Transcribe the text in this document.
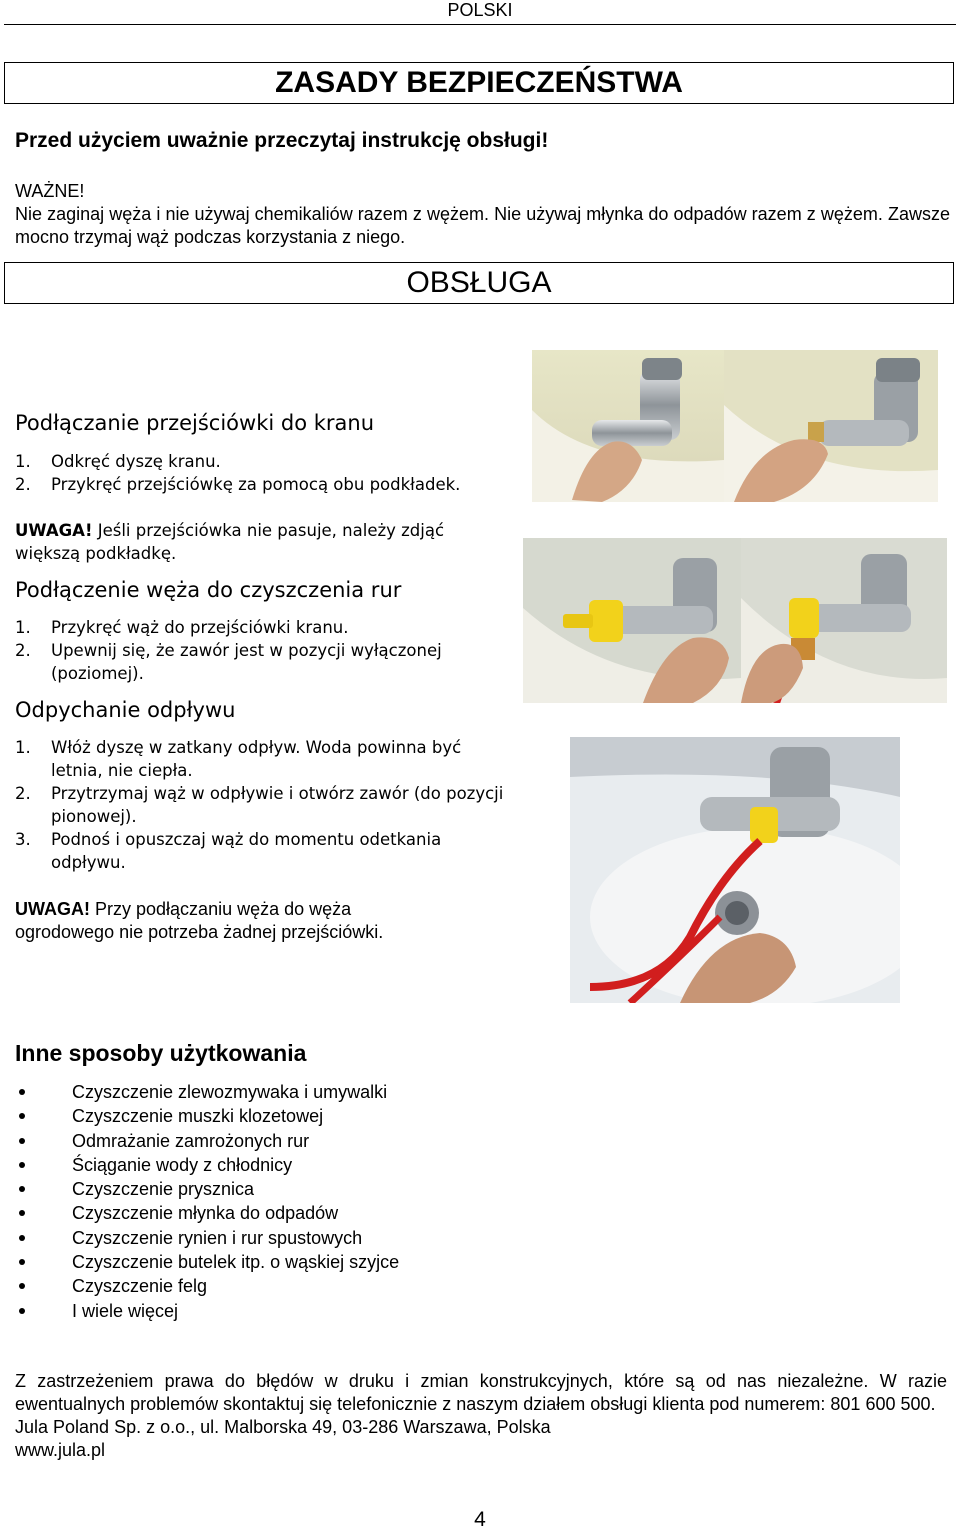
POLSKI
ZASADY BEZPIECZEŃSTWA
Przed użyciem uważnie przeczytaj instrukcję obsługi!
WAŻNE!
Nie zaginaj węża i nie używaj chemikaliów razem z wężem. Nie używaj młynka do odpadów razem z wężem. Zawsze mocno trzymaj wąż podczas korzystania z niego.
OBSŁUGA
Podłączanie przejściówki do kranu
1. Odkręć dyszę kranu.
2. Przykręć przejściówkę za pomocą obu podkładek.
UWAGA! Jeśli przejściówka nie pasuje, należy zdjąć większą podkładkę.
Podłączenie węża do czyszczenia rur
1. Przykręć wąż do przejściówki kranu.
2. Upewnij się, że zawór jest w pozycji wyłączonej (poziomej).
Odpychanie odpływu
1. Włóż dyszę w zatkany odpływ. Woda powinna być letnia, nie ciepła.
2. Przytrzymaj wąż w odpływie i otwórz zawór (do pozycji pionowej).
3. Podnoś i opuszczaj wąż do momentu odetkania odpływu.
UWAGA! Przy podłączaniu węża do węża ogrodowego nie potrzeba żadnej przejściówki.
Inne sposoby użytkowania
Czyszczenie zlewozmywaka i umywalki
Czyszczenie muszki klozetowej
Odmrażanie zamrożonych rur
Ściąganie wody z chłodnicy
Czyszczenie prysznica
Czyszczenie młynka do odpadów
Czyszczenie rynien i rur spustowych
Czyszczenie butelek itp. o wąskiej szyjce
Czyszczenie felg
I wiele więcej
Z zastrzeżeniem prawa do błędów w druku i zmian konstrukcyjnych, które są od nas niezależne. W razie ewentualnych problemów skontaktuj się telefonicznie z naszym działem obsługi klienta pod numerem: 801 600 500.
Jula Poland Sp. z o.o., ul. Malborska 49, 03-286 Warszawa, Polska
www.jula.pl
4
